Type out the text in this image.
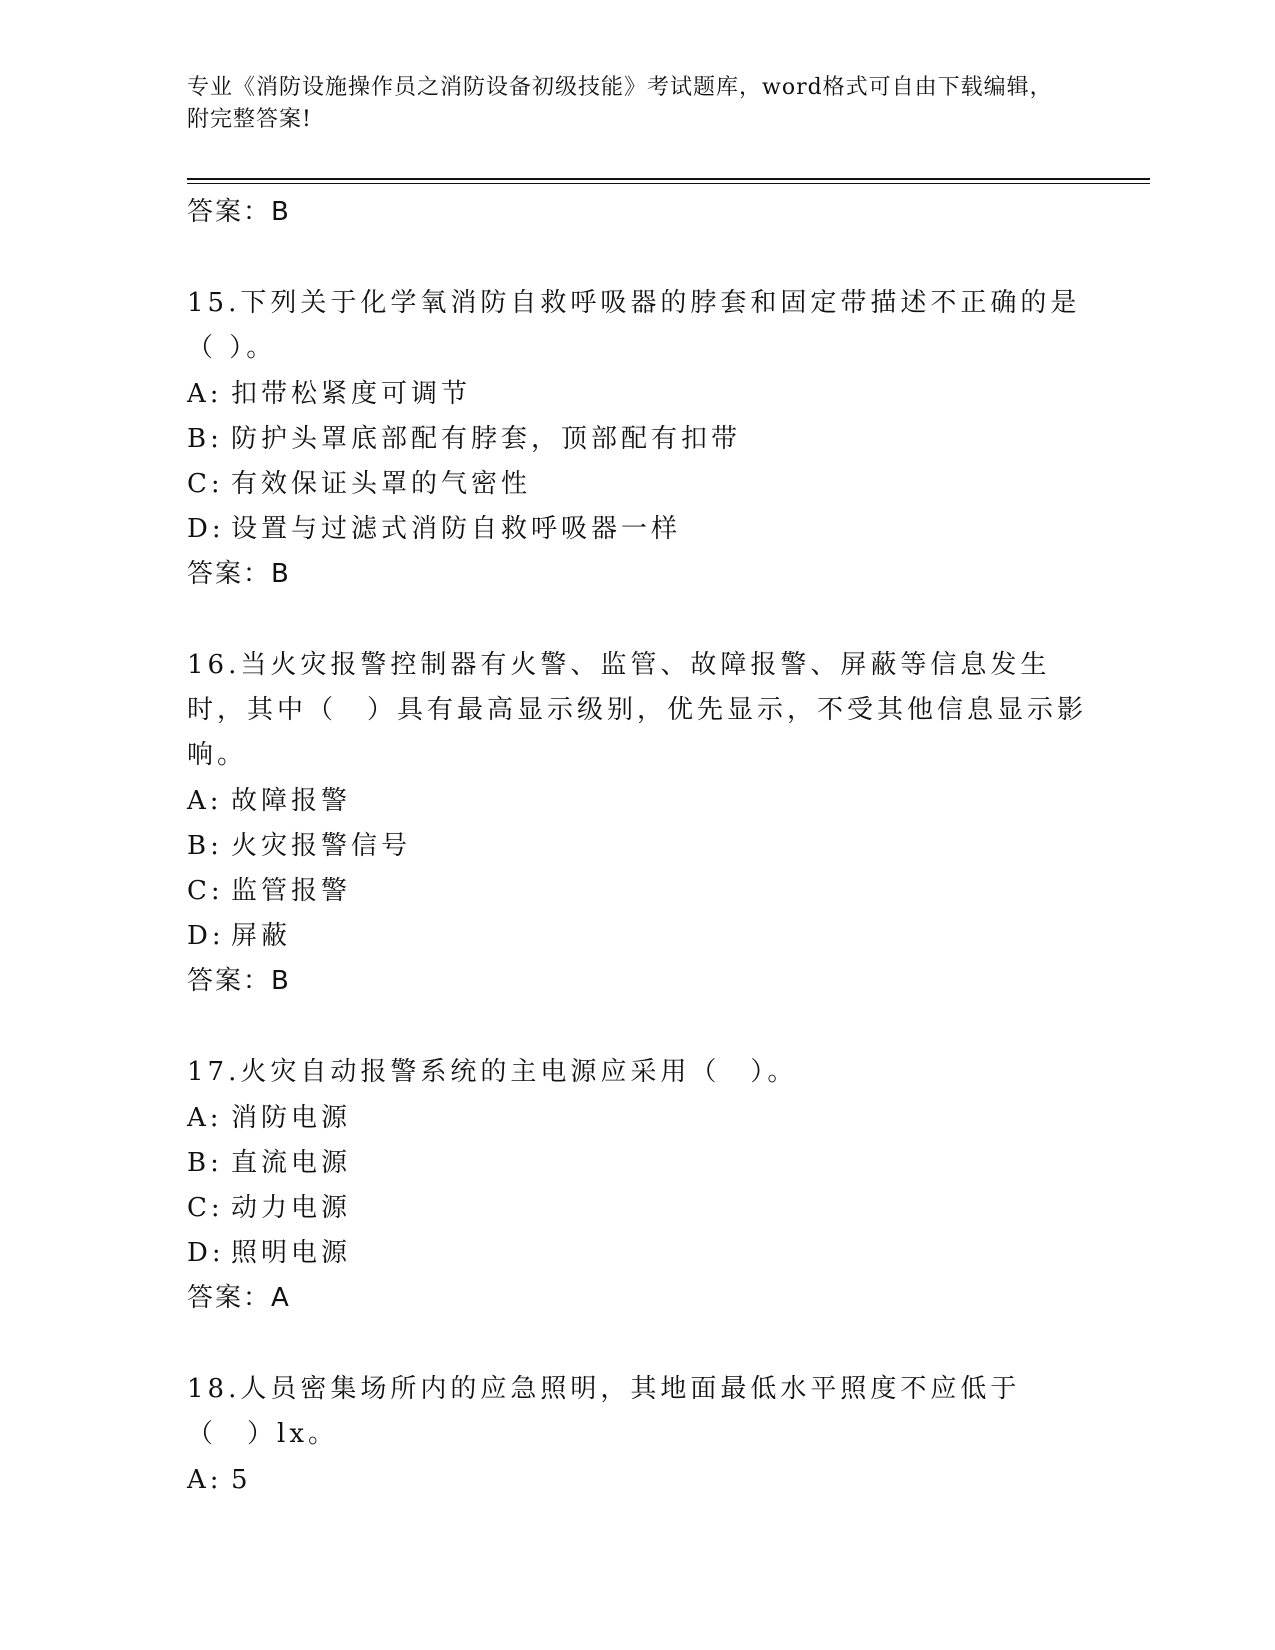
专业《消防设施操作员之消防设备初级技能》考试题库，word格式可自由下载编辑，附完整答案!
答案：B
15.下列关于化学氧消防自救呼吸器的脖套和固定带描述不正确的是（ ）。
A: 扣带松紧度可调节
B: 防护头罩底部配有脖套，顶部配有扣带
C: 有效保证头罩的气密性
D: 设置与过滤式消防自救呼吸器一样
答案：B
16.当火灾报警控制器有火警、监管、故障报警、屏蔽等信息发生时，其中（　）具有最高显示级别，优先显示，不受其他信息显示影响。
A: 故障报警
B: 火灾报警信号
C: 监管报警
D: 屏蔽
答案：B
17.火灾自动报警系统的主电源应采用（　）。
A: 消防电源
B: 直流电源
C: 动力电源
D: 照明电源
答案：A
18.人员密集场所内的应急照明，其地面最低水平照度不应低于（　）lx。
A: 5
